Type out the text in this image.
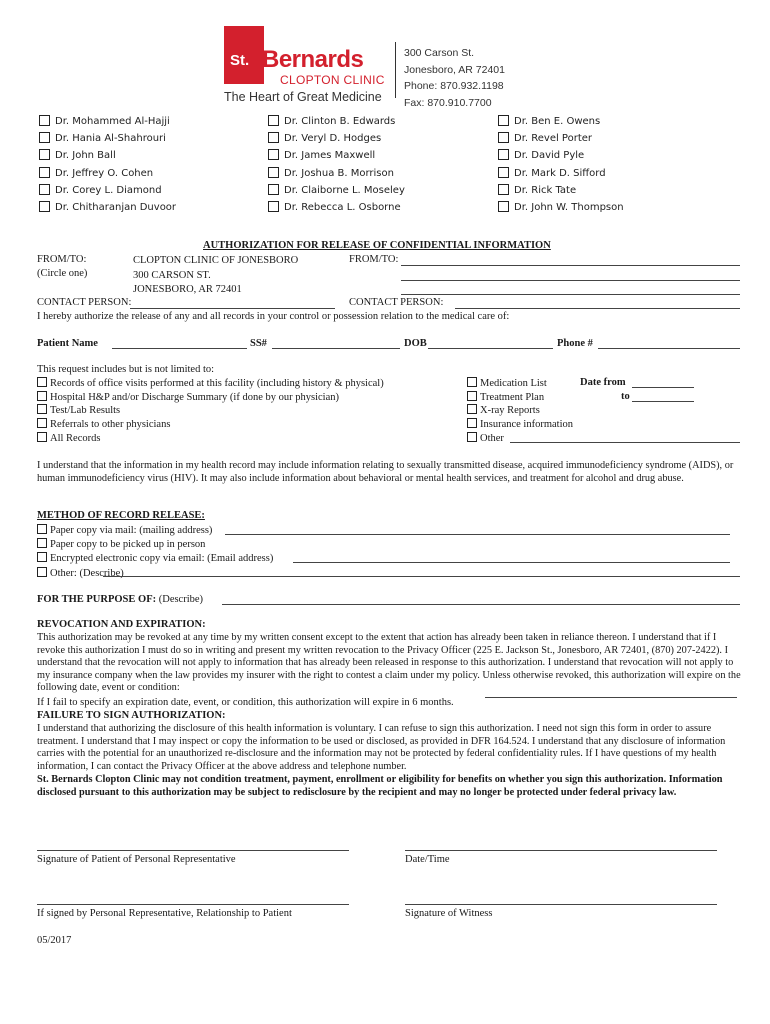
St. Bernards
CLOPTON CLINIC
The Heart of Great Medicine
300 Carson St.
Jonesboro, AR 72401
Phone: 870.932.1198
Fax: 870.910.7700
Dr. Mohammed Al-Hajji
Dr. Hania Al-Shahrouri
Dr. John Ball
Dr. Jeffrey O. Cohen
Dr. Corey L. Diamond
Dr. Chitharanjan Duvoor
Dr. Clinton B. Edwards
Dr. Veryl D. Hodges
Dr. James Maxwell
Dr. Joshua B. Morrison
Dr. Claiborne L. Moseley
Dr. Rebecca L. Osborne
Dr. Ben E. Owens
Dr. Revel Porter
Dr. David Pyle
Dr. Mark D. Sifford
Dr. Rick Tate
Dr. John W. Thompson
AUTHORIZATION FOR RELEASE OF CONFIDENTIAL INFORMATION
FROM/TO:
(Circle one)
CLOPTON CLINIC OF JONESBORO
300 CARSON ST.
JONESBORO, AR 72401
FROM/TO:
CONTACT PERSON:	CONTACT PERSON:
I hereby authorize the release of any and all records in your control or possession relation to the medical care of:
Patient Name	SS#	DOB	Phone #
This request includes but is not limited to:
Records of office visits performed at this facility (including history & physical)
Hospital H&P and/or Discharge Summary (if done by our physician)
Test/Lab Results
Referrals to other physicians
All Records
Medication List
Treatment Plan
X-ray Reports
Insurance information
Other
Date from
to
I understand that the information in my health record may include information relating to sexually transmitted disease, acquired immunodeficiency syndrome (AIDS), or human immunodeficiency virus (HIV). It may also include information about behavioral or mental health services, and treatment for alcohol and drug abuse.
METHOD OF RECORD RELEASE:
Paper copy via mail: (mailing address)
Paper copy to be picked up in person
Encrypted electronic copy via email: (Email address)
Other: (Describe)
FOR THE PURPOSE OF: (Describe)
REVOCATION AND EXPIRATION:
This authorization may be revoked at any time by my written consent except to the extent that action has already been taken in reliance thereon. I understand that if I revoke this authorization I must do so in writing and present my written revocation to the Privacy Officer (225 E. Jackson St., Jonesboro, AR 72401, (870) 207-2422). I understand that the revocation will not apply to information that has already been released in response to this authorization. I understand that revocation will not apply to my insurance company when the law provides my insurer with the right to contest a claim under my policy. Unless otherwise revoked, this authorization will expire on the following date, event or condition:
If I fail to specify an expiration date, event, or condition, this authorization will expire in 6 months.
FAILURE TO SIGN AUTHORIZATION:
I understand that authorizing the disclosure of this health information is voluntary. I can refuse to sign this authorization. I need not sign this form in order to assure treatment. I understand that I may inspect or copy the information to be used or disclosed, as provided in DFR 164.524. I understand that any disclosure of information carries with the potential for an unauthorized re-disclosure and the information may not be protected by federal confidentiality rules. If I have questions of my health information, I can contact the Privacy Officer at the above address and telephone number.
St. Bernards Clopton Clinic may not condition treatment, payment, enrollment or eligibility for benefits on whether you sign this authorization. Information disclosed pursuant to this authorization may be subject to redisclosure by the recipient and may no longer be protected under federal privacy law.
Signature of Patient of Personal Representative	Date/Time
If signed by Personal Representative, Relationship to Patient	Signature of Witness
05/2017
